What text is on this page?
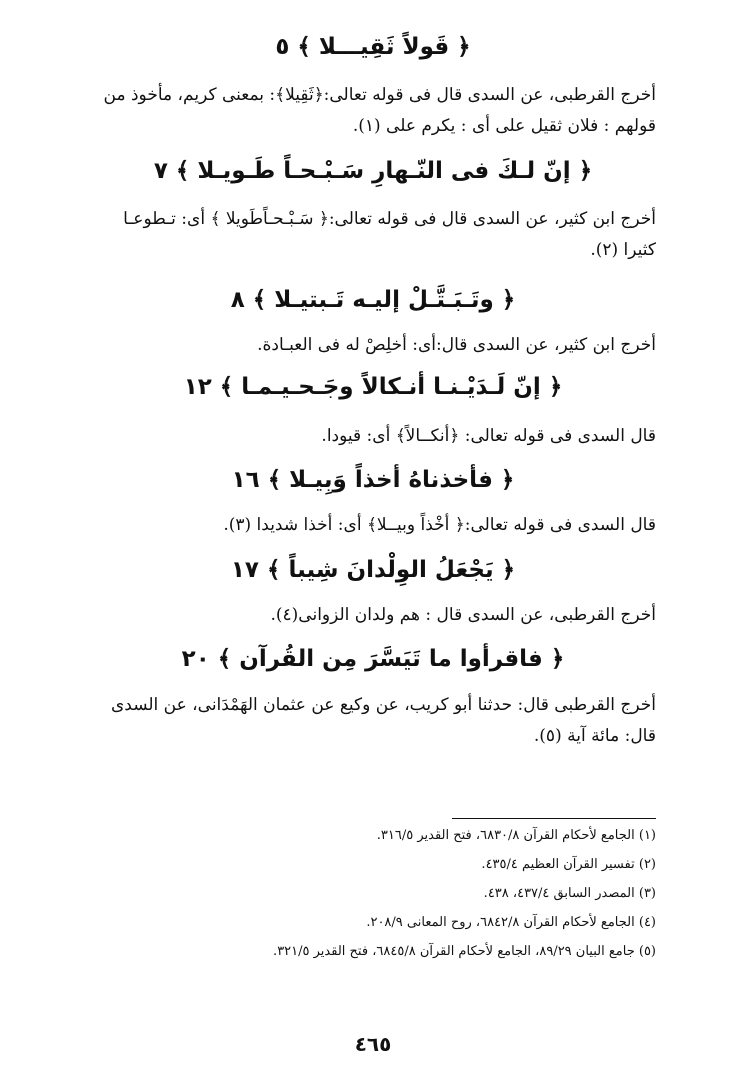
﴿ قَولاً ثَقِيـــلا ﴾ ٥
أخرج القرطبى، عن السدى قال فى قوله تعالى:﴿ثَقِيلا﴾: بمعنى كريم، مأخوذ من
قولهم : فلان ثقيل على أى : يكرم على (١).
﴿ إنّ لـكَ فى النّـهارِ سَـبْـحـاً طَـويـلا ﴾ ٧
أخرج ابن كثير، عن السدى قال فى قوله تعالى:﴿ سَـبْـحـاًطَويلا ﴾ أى: تـطوعـا
كثيرا (٢).
﴿ وتَـبَـتَّـلْ إليـه تَـبتيـلا ﴾ ٨
أخرج ابن كثير، عن السدى قال:أى: أخلِصْ له فى العبـادة.
﴿ إنّ لَـدَيْـنـا أنـكالاً وجَـحـيـمـا ﴾ ١٢
قال السدى فى قوله تعالى: ﴿أنكــالاً﴾ أى: قيودا.
﴿ فأخذناهُ أخذاً وَبِيـلا ﴾ ١٦
قال السدى فى قوله تعالى:﴿ أخْذاً وبيــلا﴾ أى: أخذا شديدا (٣).
﴿ يَجْعَلُ الوِلْدانَ شِيباً ﴾ ١٧
أخرج القرطبى، عن السدى قال : هم ولدان الزوانى(٤).
﴿ فاقرأوا ما تَيَسَّرَ مِن القُرآن ﴾ ٢٠
أخرج القرطبى قال: حدثنا أبو كريب، عن وكيع عن عثمان الهَمْدَانى، عن السدى
قال: مائة آية (٥).
(١) الجامع لأحكام القرآن ٦٨٣٠/٨، فتح القدير ٣١٦/٥.
(٢) تفسير القرآن العظيم ٤٣٥/٤.
(٣) المصدر السابق ٤٣٧/٤، ٤٣٨.
(٤) الجامع لأحكام القرآن ٦٨٤٢/٨، روح المعانى ٢٠٨/٩.
(٥) جامع البيان ٨٩/٢٩، الجامع لأحكام القرآن ٦٨٤٥/٨، فتح القدير ٣٢١/٥.
٤٦٥
